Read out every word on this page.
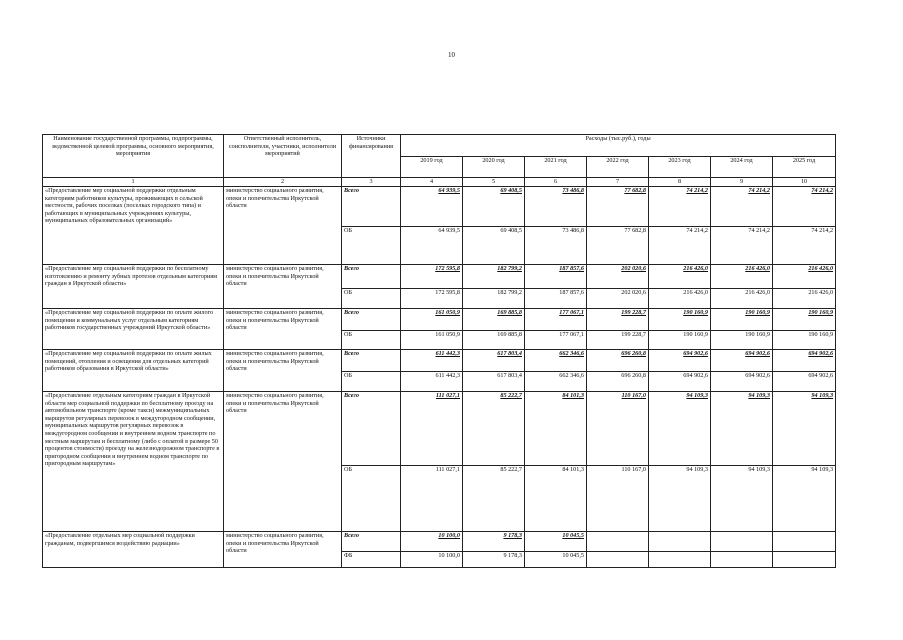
10
Наименование государственной программы, подпрограммы, ведомственной целевой программы, основного мероприятия, мероприятия	Ответственный исполнитель, соисполнители, участники, исполнители мероприятий	Источники финансирования	Расходы (тыс.руб.), годы						
			2019 год	2020 год	2021 год	2022 год	2023 год	2024 год	2025 год
1	2	3	4	5	6	7	8	9	10
«Предоставление мер социальной поддержки отдельным категориям работников культуры, проживающих в сельской местности, рабочих поселках (поселках городского типа) и работающих в муниципальных учреждениях культуры, муниципальных образовательных организаций»	министерство социального развития, опеки и попечительства Иркутской области	Всего	64 939,5	69 408,5	73 486,8	77 682,8	74 214,2	74 214,2	74 214,2
		ОБ	64 939,5	69 408,5	73 486,8	77 682,8	74 214,2	74 214,2	74 214,2
«Предоставление мер социальной поддержки по бесплатному изготовлению и ремонту зубных протезов отдельным категориям граждан в Иркутской области»	министерство социального развития, опеки и попечительства Иркутской области	Всего	172 595,8	182 799,2	187 857,6	202 020,6	216 426,0	216 426,0	216 426,0
		ОБ	172 595,8	182 799,2	187 857,6	202 020,6	216 426,0	216 426,0	216 426,0
«Предоставление мер социальной поддержки по оплате жилого помещения и коммунальных услуг отдельным категориям работников государственных учреждений Иркутской области»	министерство социального развития, опеки и попечительства Иркутской области	Всего	161 050,9	169 885,8	177 067,1	199 228,7	190 160,9	190 160,9	190 160,9
		ОБ	161 050,9	169 885,8	177 067,1	199 228,7	190 160,9	190 160,9	190 160,9
«Предоставление мер социальной поддержки по оплате жилых помещений, отопления и освещения для отдельных категорий работников образования в Иркутской области»	министерство социального развития, опеки и попечительства Иркутской области	Всего	611 442,3	617 803,4	662 346,6	696 260,8	694 902,6	694 902,6	694 902,6
		ОБ	611 442,3	617 803,4	662 346,6	696 260,8	694 902,6	694 902,6	694 902,6
«Предоставление отдельным категориям граждан в Иркутской области мер социальной поддержки по бесплатному проезду на автомобильном транспорте (кроме такси) межмуниципальных маршрутов регулярных перевозок в междугородном сообщении, муниципальных маршрутов регулярных перевозок в междугородном сообщении и внутреннем водном транспорте по местным маршрутам и бесплатному (либо с оплатой в размере 50 процентов стоимости) проезду на железнодорожном транспорте в пригородном сообщении и внутреннем водном транспорте по пригородным маршрутам»	министерство социального развития, опеки и попечительства Иркутской области	Всего	111 027,1	85 222,7	84 101,3	110 167,0	94 109,3	94 109,3	94 109,3
		ОБ	111 027,1	85 222,7	84 101,3	110 167,0	94 109,3	94 109,3	94 109,3
«Предоставление отдельных мер социальной поддержки гражданам, подвергшимся воздействию радиации»	министерство социального развития, опеки и попечительства Иркутской области	Всего	10 100,0	9 178,3	10 045,5				
		ФБ	10 100,0	9 178,3	10 045,5				
